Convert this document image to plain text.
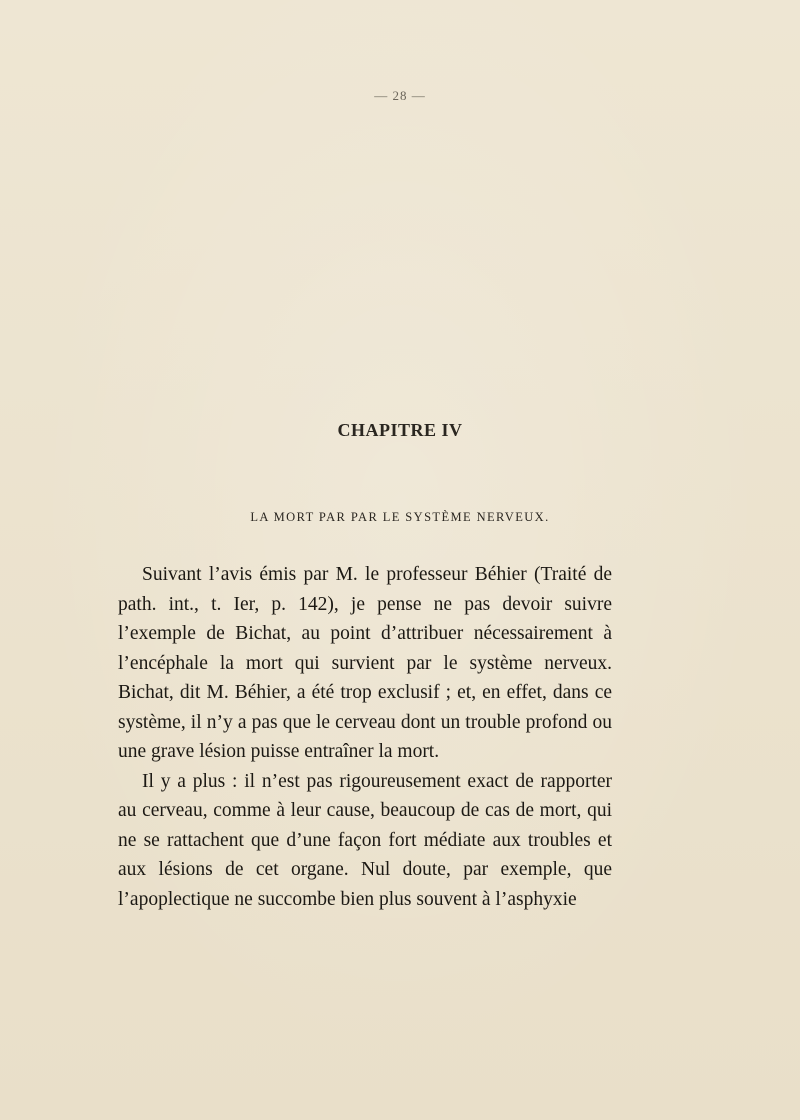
— 28 —
CHAPITRE IV
LA MORT PAR PAR LE SYSTÈME NERVEUX.

Suivant l’avis émis par M. le professeur Béhier (Traité de path. int., t. Ier, p. 142), je pense ne pas devoir suivre l’exemple de Bichat, au point d’attribuer nécessairement à l’encéphale la mort qui survient par le système nerveux. Bichat, dit M. Béhier, a été trop exclusif ; et, en effet, dans ce système, il n’y a pas que le cerveau dont un trouble profond ou une grave lésion puisse entraîner la mort.

Il y a plus : il n’est pas rigoureusement exact de rapporter au cerveau, comme à leur cause, beaucoup de cas de mort, qui ne se rattachent que d’une façon fort médiate aux troubles et aux lésions de cet organe. Nul doute, par exemple, que l’apoplectique ne succombe bien plus souvent à l’asphyxie
